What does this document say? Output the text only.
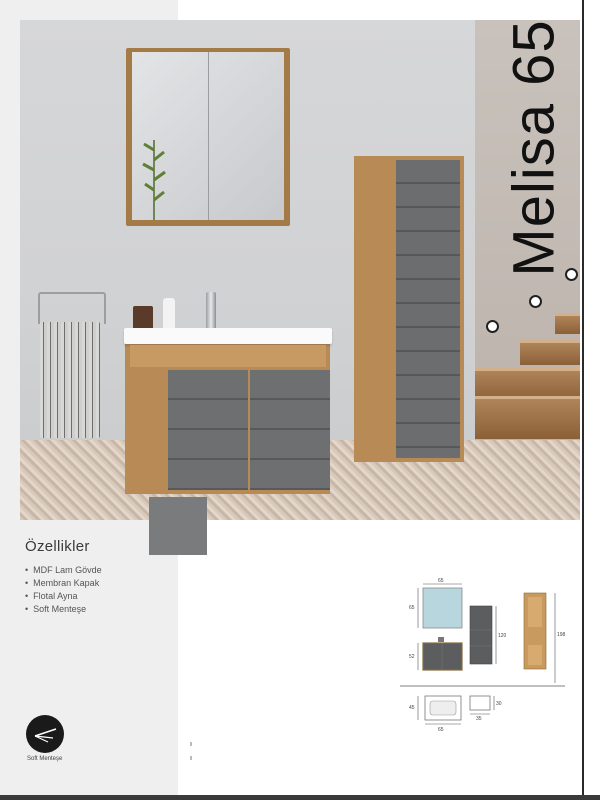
Melisa 65
Özellikler
• MDF Lam Gövde
• Membran Kapak
• Flotal Ayna
• Soft Menteşe
Soft Menteşe
65
65
120	198
52
45
65
30
35
